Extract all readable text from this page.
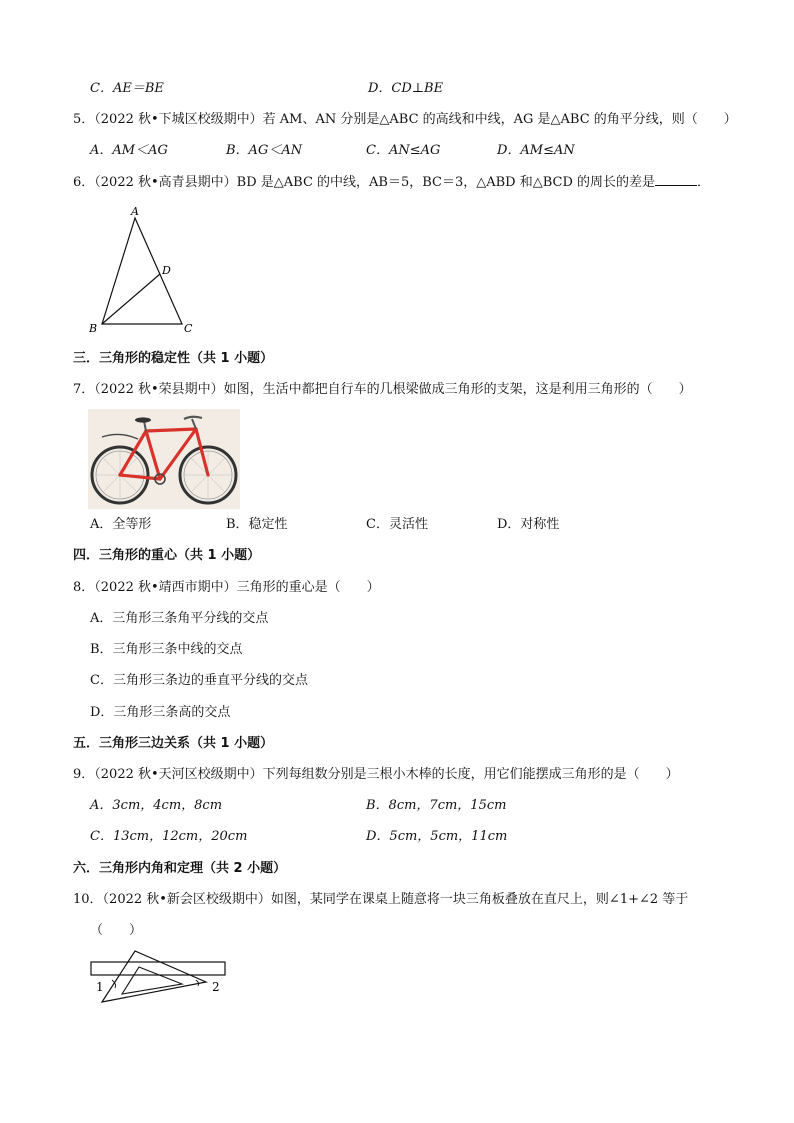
C．AE＝BE	D．CD⊥BE
5．（2022 秋•下城区校级期中）若 AM、AN 分别是△ABC 的高线和中线，AG 是△ABC 的角平分线，则（　　）
A．AM＜AG	B．AG＜AN	C．AN≤AG	D．AM≤AN
6．（2022 秋•高青县期中）BD 是△ABC 的中线，AB＝5，BC＝3，△ABD 和△BCD 的周长的差是	．
A
D
B	C
三．三角形的稳定性（共 1 小题）
7．（2022 秋•荣县期中）如图，生活中都把自行车的几根梁做成三角形的支架，这是利用三角形的（　　）
A．全等形	B．稳定性	C．灵活性	D．对称性
四．三角形的重心（共 1 小题）
8．（2022 秋•靖西市期中）三角形的重心是（　　）
A．三角形三条角平分线的交点
B．三角形三条中线的交点
C．三角形三条边的垂直平分线的交点
D．三角形三条高的交点
五．三角形三边关系（共 1 小题）
9．（2022 秋•天河区校级期中）下列每组数分别是三根小木棒的长度，用它们能摆成三角形的是（　　）
A．3cm，4cm，8cm	B．8cm，7cm，15cm
C．13cm，12cm，20cm	D．5cm，5cm，11cm
六．三角形内角和定理（共 2 小题）
10．（2022 秋•新会区校级期中）如图，某同学在课桌上随意将一块三角板叠放在直尺上，则∠1+∠2 等于
（　　）
1	2
